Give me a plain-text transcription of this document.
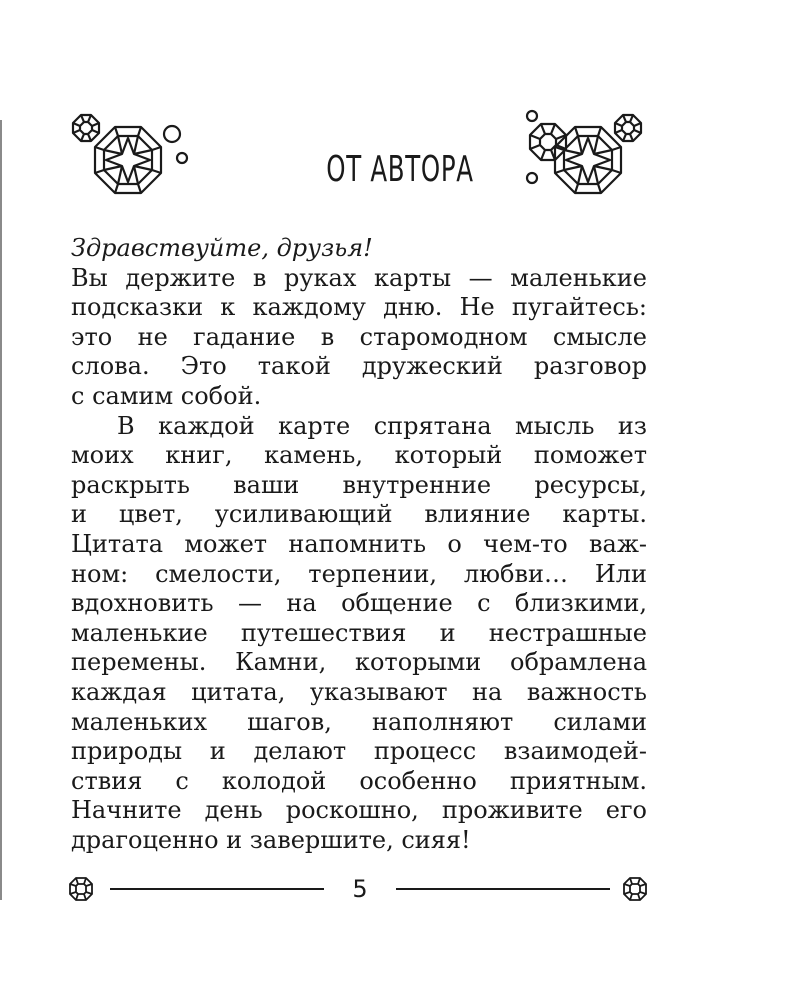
ОТ АВТОРА
Здравствуйте, друзья!
Вы держите в руках карты — маленькие
подсказки к каждому дню. Не пугайтесь:
это не гадание в старомодном смысле
слова. Это такой дружеский разговор
с самим собой.
В каждой карте спрятана мысль из
моих книг, камень, который поможет
раскрыть ваши внутренние ресурсы,
и цвет, усиливающий влияние карты.
Цитата может напомнить о чем-то важ-
ном: смелости, терпении, любви… Или
вдохновить — на общение с близкими,
маленькие путешествия и нестрашные
перемены. Камни, которыми обрамлена
каждая цитата, указывают на важность
маленьких шагов, наполняют силами
природы и делают процесс взаимодей-
ствия с колодой особенно приятным.
Начните день роскошно, проживите его
драгоценно и завершите, сияя!
5
